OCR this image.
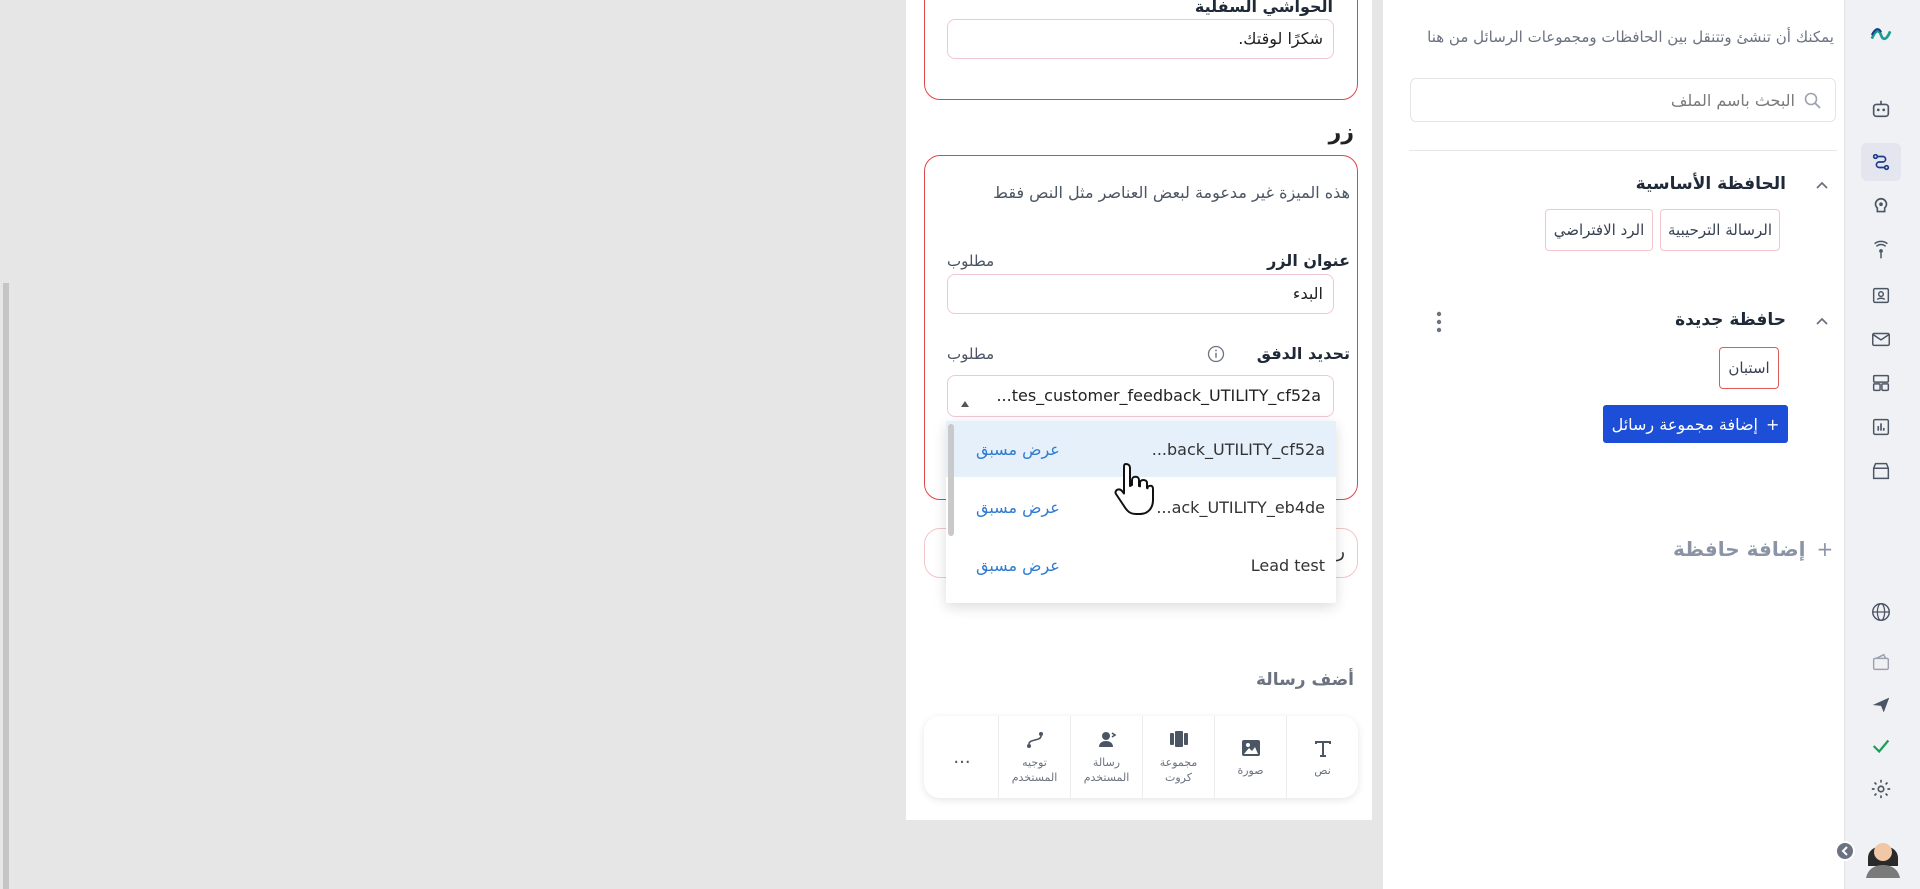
الحواشي السفلية
شكرًا لوقتك.
زر
هذه الميزة غير مدعومة لبعض العناصر مثل النص فقط
عنوان الزر
مطلوب
البدء
تحديد الدفق
مطلوب
...tes_customer_feedback_UTILITY_cf52a
ر
...back_UTILITY_cf52a
عرض مسبق
...ack_UTILITY_eb4de
عرض مسبق
Lead test
عرض مسبق
أضف رسالة
نص
صورة
مجموعة كروت
رسالة المستخدم
توجيه المستخدم
...
يمكنك أن تنشئ وتتنقل بين الحافظات ومجموعات الرسائل من هنا
البحث باسم الملف
الحافظة الأساسية
الرسالة الترحيبية
الرد الافتراضي
حافظة جديدة
استبان
إضافة مجموعة رسائل +
+ إضافة حافظة
